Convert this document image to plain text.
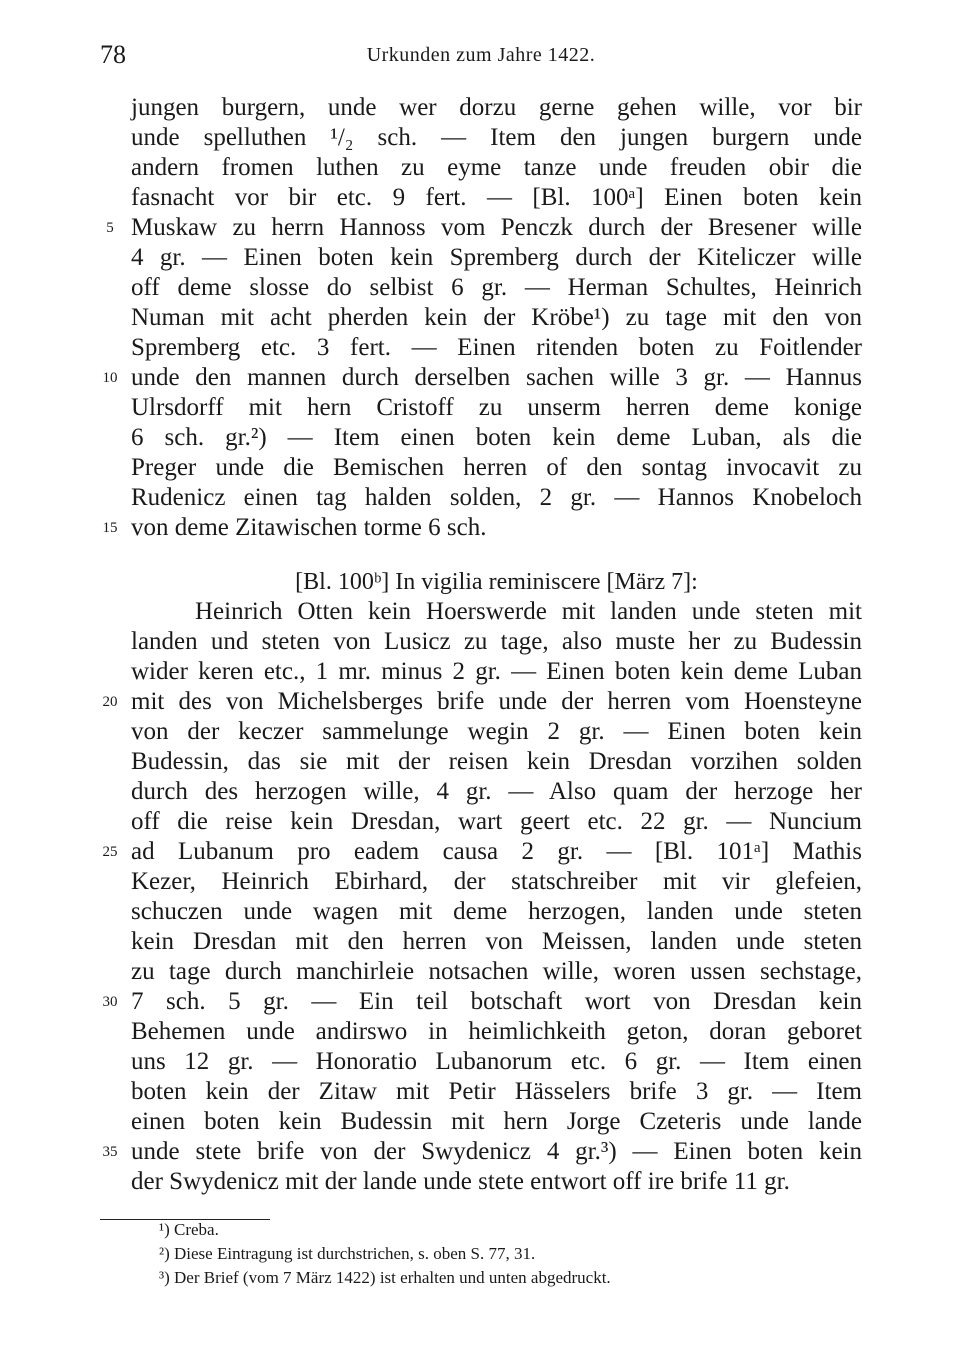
78	Urkunden zum Jahre 1422.
5
10
15
20
25
30
35
jungen burgern, unde wer dorzu gerne gehen wille, vor bir
unde spelluthen ¹/₂ sch. — Item den jungen burgern unde
andern fromen luthen zu eyme tanze unde freuden obir die
fasnacht vor bir etc. 9 fert. — [Bl. 100ᵃ] Einen boten kein
Muskaw zu herrn Hannoss vom Penczk durch der Bresener wille
4 gr. — Einen boten kein Spremberg durch der Kiteliczer wille
off deme slosse do selbist 6 gr. — Herman Schultes, Heinrich
Numan mit acht pherden kein der Kröbe¹) zu tage mit den von
Spremberg etc. 3 fert. — Einen ritenden boten zu Foitlender
unde den mannen durch derselben sachen wille 3 gr. — Hannus
Ulrsdorff mit hern Cristoff zu unserm herren deme konige
6 sch. gr.²) — Item einen boten kein deme Luban, als die
Preger unde die Bemischen herren of den sontag invocavit zu
Rudenicz einen tag halden solden, 2 gr. — Hannos Knobeloch
von deme Zitawischen torme 6 sch.
[Bl. 100ᵇ] In vigilia reminiscere [März 7]:
Heinrich Otten kein Hoerswerde mit landen unde steten mit
landen und steten von Lusicz zu tage, also muste her zu Budessin
wider keren etc., 1 mr. minus 2 gr. — Einen boten kein deme Luban
mit des von Michelsberges brife unde der herren vom Hoensteyne
von der keczer sammelunge wegin 2 gr. — Einen boten kein
Budessin, das sie mit der reisen kein Dresdan vorzihen solden
durch des herzogen wille, 4 gr. — Also quam der herzoge her
off die reise kein Dresdan, wart geert etc. 22 gr. — Nuncium
ad Lubanum pro eadem causa 2 gr. — [Bl. 101ᵃ] Mathis
Kezer, Heinrich Ebirhard, der statschreiber mit vir glefeien,
schuczen unde wagen mit deme herzogen, landen unde steten
kein Dresdan mit den herren von Meissen, landen unde steten
zu tage durch manchirleie notsachen wille, woren ussen sechstage,
7 sch. 5 gr. — Ein teil botschaft wort von Dresdan kein
Behemen unde andirswo in heimlichkeith geton, doran geboret
uns 12 gr. — Honoratio Lubanorum etc. 6 gr. — Item einen
boten kein der Zitaw mit Petir Hässelers brife 3 gr. — Item
einen boten kein Budessin mit hern Jorge Czeteris unde lande
unde stete brife von der Swydenicz 4 gr.³) — Einen boten kein
der Swydenicz mit der lande unde stete entwort off ire brife 11 gr.
¹) Creba.
²) Diese Eintragung ist durchstrichen, s. oben S. 77, 31.
³) Der Brief (vom 7 März 1422) ist erhalten und unten abgedruckt.
